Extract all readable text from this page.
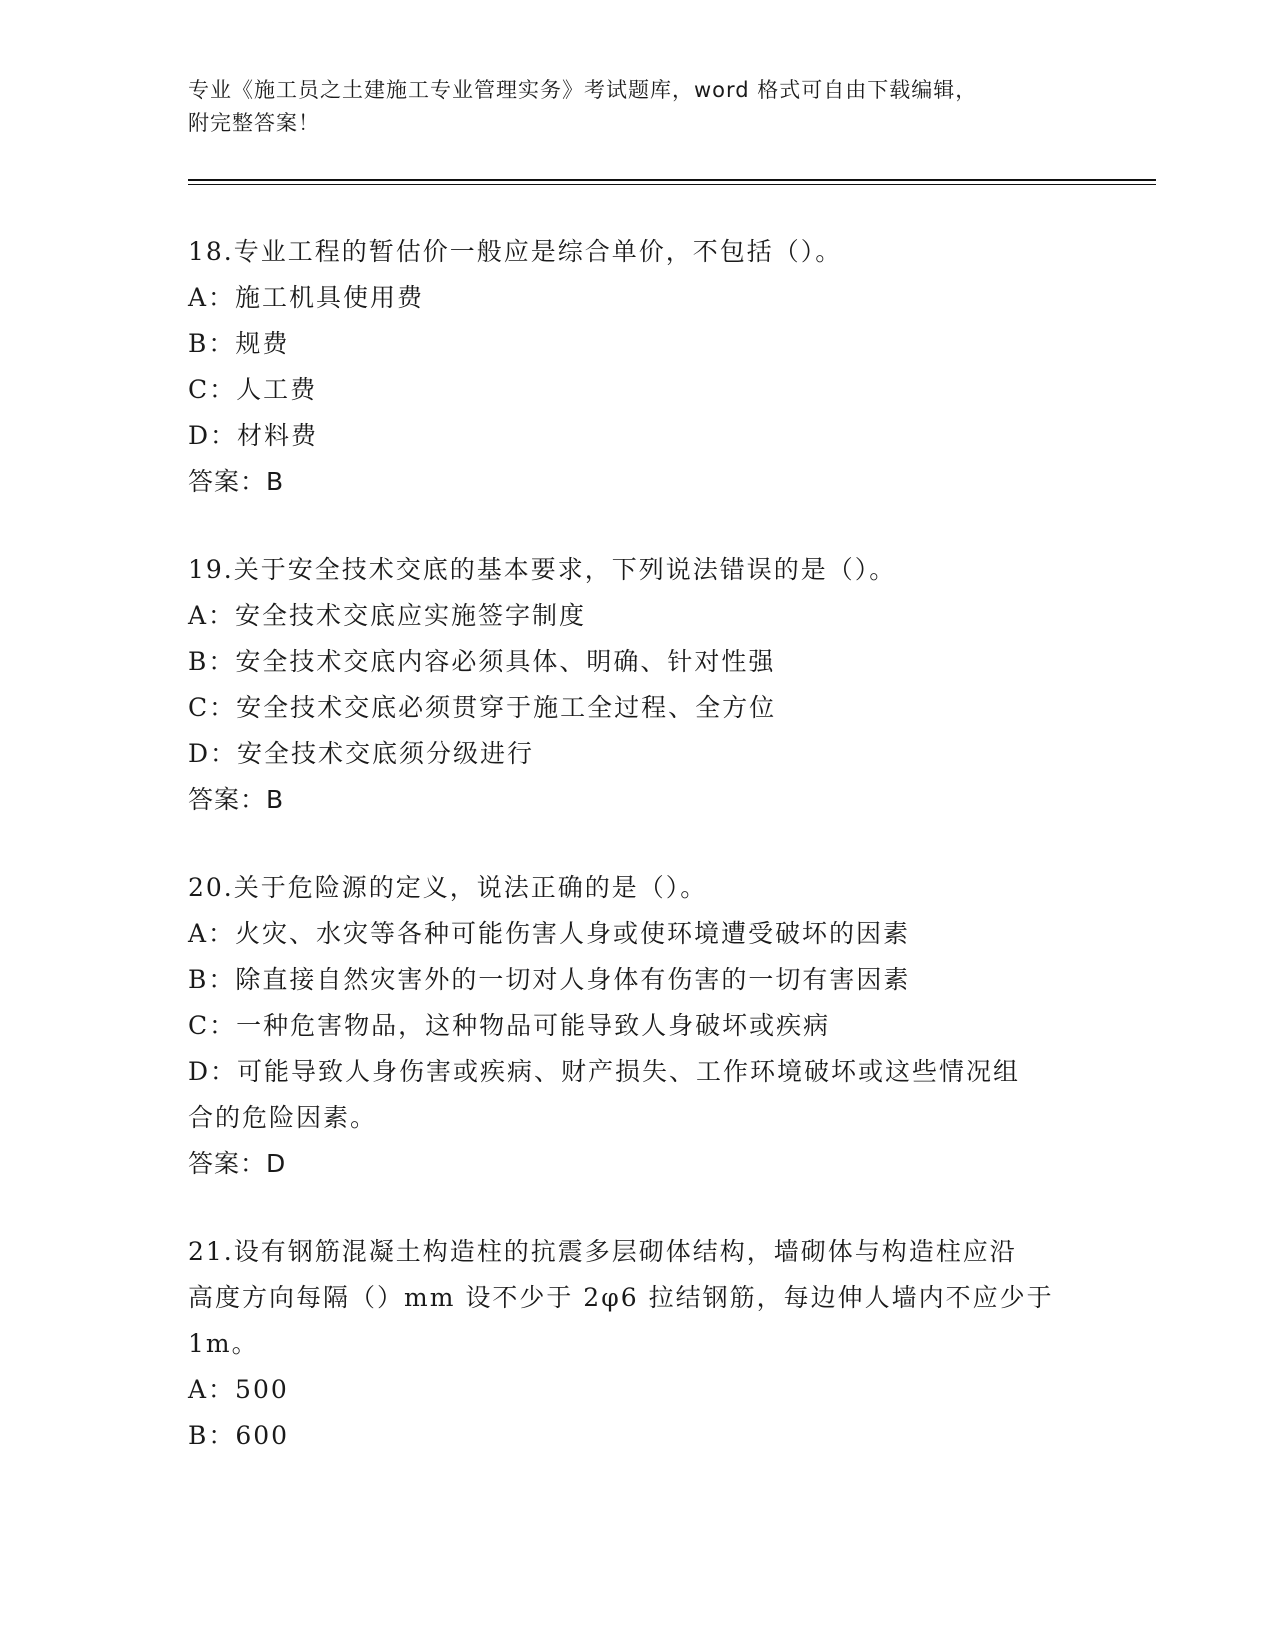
专业《施工员之土建施工专业管理实务》考试题库，word 格式可自由下载编辑，
附完整答案！
18.专业工程的暂估价一般应是综合单价，不包括（）。
A：施工机具使用费
B：规费
C：人工费
D：材料费
答案：B
19.关于安全技术交底的基本要求，下列说法错误的是（）。
A：安全技术交底应实施签字制度
B：安全技术交底内容必须具体、明确、针对性强
C：安全技术交底必须贯穿于施工全过程、全方位
D：安全技术交底须分级进行
答案：B
20.关于危险源的定义，说法正确的是（）。
A：火灾、水灾等各种可能伤害人身或使环境遭受破坏的因素
B：除直接自然灾害外的一切对人身体有伤害的一切有害因素
C：一种危害物品，这种物品可能导致人身破坏或疾病
D：可能导致人身伤害或疾病、财产损失、工作环境破坏或这些情况组
合的危险因素。
答案：D
21.设有钢筋混凝土构造柱的抗震多层砌体结构，墙砌体与构造柱应沿
高度方向每隔（）mm 设不少于 2φ6 拉结钢筋，每边伸人墙内不应少于
1m。
A：500
B：600
